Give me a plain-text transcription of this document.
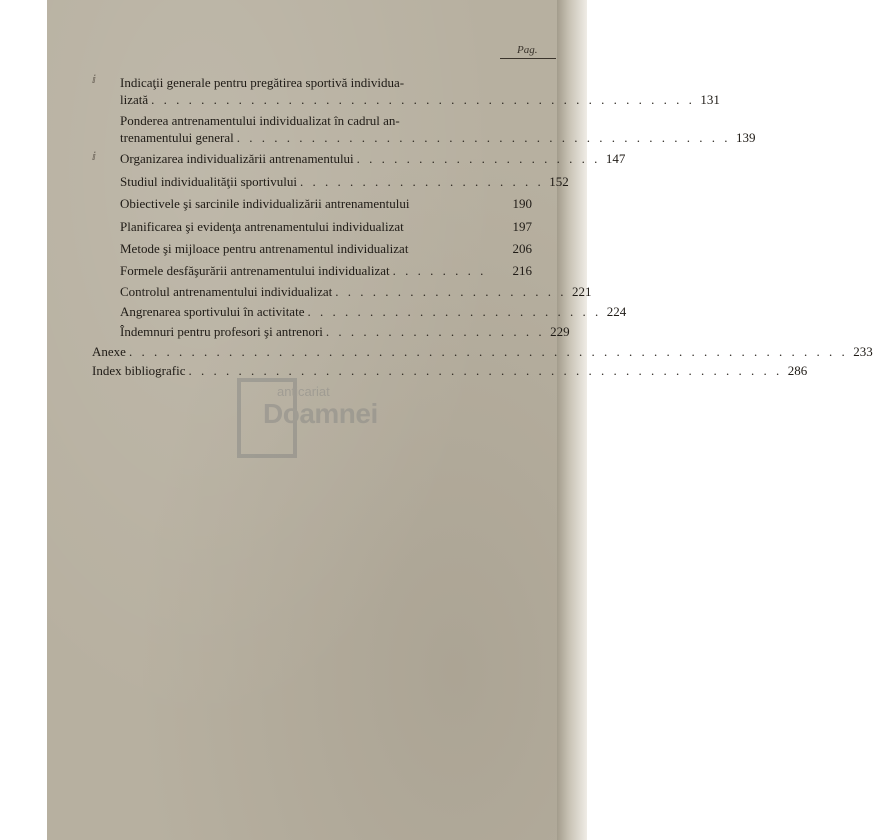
Pag.
ⅈ
ⅈ
Indicaţii generale pentru pregătirea sportivă individua-
lizată . . . . . . . . . . . . . . . . . . . . . . . . . . . . . . . . . . . . . . . . . . . . 131
Ponderea antrenamentului individualizat în cadrul an-
trenamentului general . . . . . . . . . . . . . . . . . . . . . . . . . . . . . . . . . . . . . . . . 139
Organizarea individualizării antrenamentului . . . . . . . . . . . . . . . . . . . . 147
Studiul individualităţii sportivului . . . . . . . . . . . . . . . . . . . . 152
Obiectivele şi sarcinile individualizării antrenamentului	190
Planificarea şi evidenţa antrenamentului individualizat	197
Metode şi mijloace pentru antrenamentul individualizat	206
Formele desfăşurării antrenamentului individualizat . . . . . . . .	216
Controlul antrenamentului individualizat . . . . . . . . . . . . . . . . . . . 221
Angrenarea sportivului în activitate . . . . . . . . . . . . . . . . . . . . . . . . 224
Îndemnuri pentru profesori şi antrenori . . . . . . . . . . . . . . . . . . 229
Anexe . . . . . . . . . . . . . . . . . . . . . . . . . . . . . . . . . . . . . . . . . . . . . . . . . . . . . . . . . . 233
Index bibliografic . . . . . . . . . . . . . . . . . . . . . . . . . . . . . . . . . . . . . . . . . . . . . . . . 286
anticariat
Doamnei
